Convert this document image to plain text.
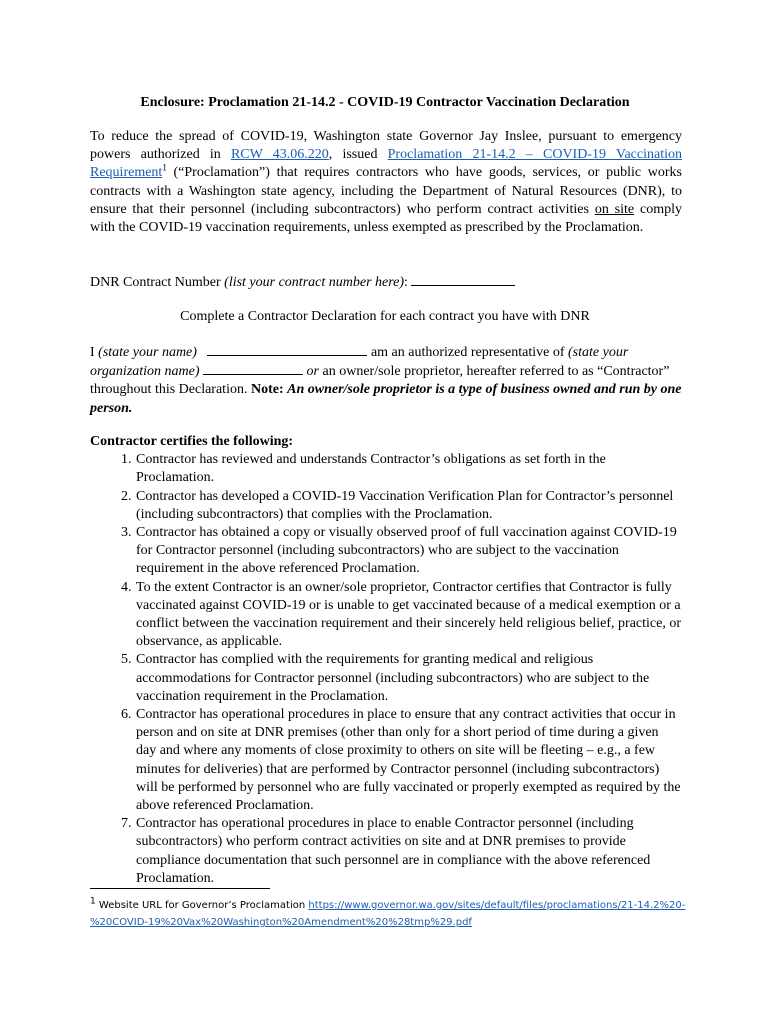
Enclosure: Proclamation 21-14.2 - COVID-19 Contractor Vaccination Declaration
To reduce the spread of COVID-19, Washington state Governor Jay Inslee, pursuant to emergency powers authorized in RCW 43.06.220, issued Proclamation 21-14.2 – COVID-19 Vaccination Requirement$^1$ (“Proclamation”) that requires contractors who have goods, services, or public works contracts with a Washington state agency, including the Department of Natural Resources (DNR), to ensure that their personnel (including subcontractors) who perform contract activities on site comply with the COVID-19 vaccination requirements, unless exempted as prescribed by the Proclamation.
DNR Contract Number (list your contract number here):
Complete a Contractor Declaration for each contract you have with DNR
I (state your name)	am an authorized representative of (state your organization name)	or an owner/sole proprietor, hereafter referred to as “Contractor” throughout this Declaration. Note: An owner/sole proprietor is a type of business owned and run by one person.
Contractor certifies the following:
1. Contractor has reviewed and understands Contractor’s obligations as set forth in the Proclamation.
2. Contractor has developed a COVID-19 Vaccination Verification Plan for Contractor’s personnel (including subcontractors) that complies with the Proclamation.
3. Contractor has obtained a copy or visually observed proof of full vaccination against COVID-19 for Contractor personnel (including subcontractors) who are subject to the vaccination requirement in the above referenced Proclamation.
4. To the extent Contractor is an owner/sole proprietor, Contractor certifies that Contractor is fully vaccinated against COVID-19 or is unable to get vaccinated because of a medical exemption or a conflict between the vaccination requirement and their sincerely held religious belief, practice, or observance, as applicable.
5. Contractor has complied with the requirements for granting medical and religious accommodations for Contractor personnel (including subcontractors) who are subject to the vaccination requirement in the Proclamation.
6. Contractor has operational procedures in place to ensure that any contract activities that occur in person and on site at DNR premises (other than only for a short period of time during a given day and where any moments of close proximity to others on site will be fleeting – e.g., a few minutes for deliveries) that are performed by Contractor personnel (including subcontractors) will be performed by personnel who are fully vaccinated or properly exempted as required by the above referenced Proclamation.
7. Contractor has operational procedures in place to enable Contractor personnel (including subcontractors) who perform contract activities on site and at DNR premises to provide compliance documentation that such personnel are in compliance with the above referenced Proclamation.
1 Website URL for Governor’s Proclamation https://www.governor.wa.gov/sites/default/files/proclamations/21-14.2%20-%20COVID-19%20Vax%20Washington%20Amendment%20%28tmp%29.pdf
